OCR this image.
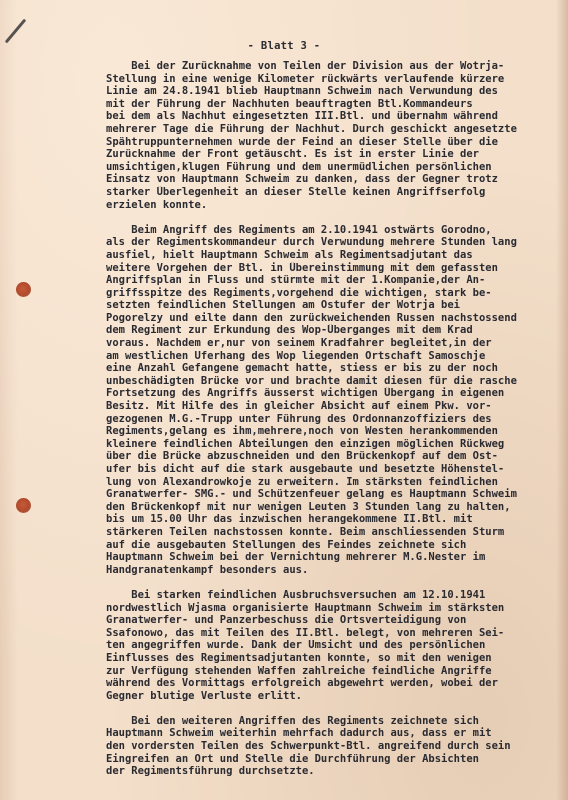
- Blatt 3 -
Bei der Zurücknahme von Teilen der Division aus der Wotrja-
Stellung in eine wenige Kilometer rückwärts verlaufende kürzere
Linie am 24.8.1941 blieb Hauptmann Schweim nach Verwundung des
mit der Führung der Nachhuten beauftragten Btl.Kommandeurs
bei dem als Nachhut eingesetzten III.Btl. und übernahm während
mehrerer Tage die Führung der Nachhut. Durch geschickt angesetzte
Spähtruppunternehmen wurde der Feind an dieser Stelle über die
Zurücknahme der Front getäuscht. Es ist in erster Linie der
umsichtigen,klugen Führung und dem unermüdlichen persönlichen
Einsatz von Hauptmann Schweim zu danken, dass der Gegner trotz
starker Überlegenheit an dieser Stelle keinen Angriffserfolg
erzielen konnte.
Beim Angriff des Regiments am 2.10.1941 ostwärts Gorodno,
als der Regimentskommandeur durch Verwundung mehrere Stunden lang
ausfiel, hielt Hauptmann Schweim als Regimentsadjutant das
weitere Vorgehen der Btl. in Übereinstimmung mit dem gefassten
Angriffsplan in Fluss und stürmte mit der 1.Kompanie,der An-
griffsspitze des Regiments,vorgehend die wichtigen, stark be-
setzten feindlichen Stellungen am Ostufer der Wotrja bei
Pogorelzy und eilte dann den zurückweichenden Russen nachstossend
dem Regiment zur Erkundung des Wop-Überganges mit dem Krad
voraus. Nachdem er,nur von seinem Kradfahrer begleitet,in der
am westlichen Uferhang des Wop liegenden Ortschaft Samoschje
eine Anzahl Gefangene gemacht hatte, stiess er bis zu der noch
unbeschädigten Brücke vor und brachte damit diesen für die rasche
Fortsetzung des Angriffs äusserst wichtigen Übergang in eigenen
Besitz. Mit Hilfe des in gleicher Absicht auf einem Pkw. vor-
gezogenen M.G.-Trupp unter Führung des Ordonnanzoffiziers des
Regiments,gelang es ihm,mehrere,noch von Westen herankommenden
kleinere feindlichen Abteilungen den einzigen möglichen Rückweg
über die Brücke abzuschneiden und den Brückenkopf auf dem Ost-
ufer bis dicht auf die stark ausgebaute und besetzte Höhenstel-
lung von Alexandrowkoje zu erweitern. Im stärksten feindlichen
Granatwerfer- SMG.- und Schützenfeuer gelang es Hauptmann Schweim
den Brückenkopf mit nur wenigen Leuten 3 Stunden lang zu halten,
bis um 15.00 Uhr das inzwischen herangekommene II.Btl. mit
stärkeren Teilen nachstossen konnte. Beim anschliessenden Sturm
auf die ausgebauten Stellungen des Feindes zeichnete sich
Hauptmann Schweim bei der Vernichtung mehrerer M.G.Nester im
Handgranatenkampf besonders aus.
Bei starken feindlichen Ausbruchsversuchen am 12.10.1941
nordwestlich Wjasma organisierte Hauptmann Schweim im stärksten
Granatwerfer- und Panzerbeschuss die Ortsverteidigung von
Ssafonowo, das mit Teilen des II.Btl. belegt, von mehreren Sei-
ten angegriffen wurde. Dank der Umsicht und des persönlichen
Einflusses des Regimentsadjutanten konnte, so mit den wenigen
zur Verfügung stehenden Waffen zahlreiche feindliche Angriffe
während des Vormittags erfolgreich abgewehrt werden, wobei der
Gegner blutige Verluste erlitt.
Bei den weiteren Angriffen des Regiments zeichnete sich
Hauptmann Schweim weiterhin mehrfach dadurch aus, dass er mit
den vordersten Teilen des Schwerpunkt-Btl. angreifend durch sein
Eingreifen an Ort und Stelle die Durchführung der Absichten
der Regimentsführung durchsetzte.
